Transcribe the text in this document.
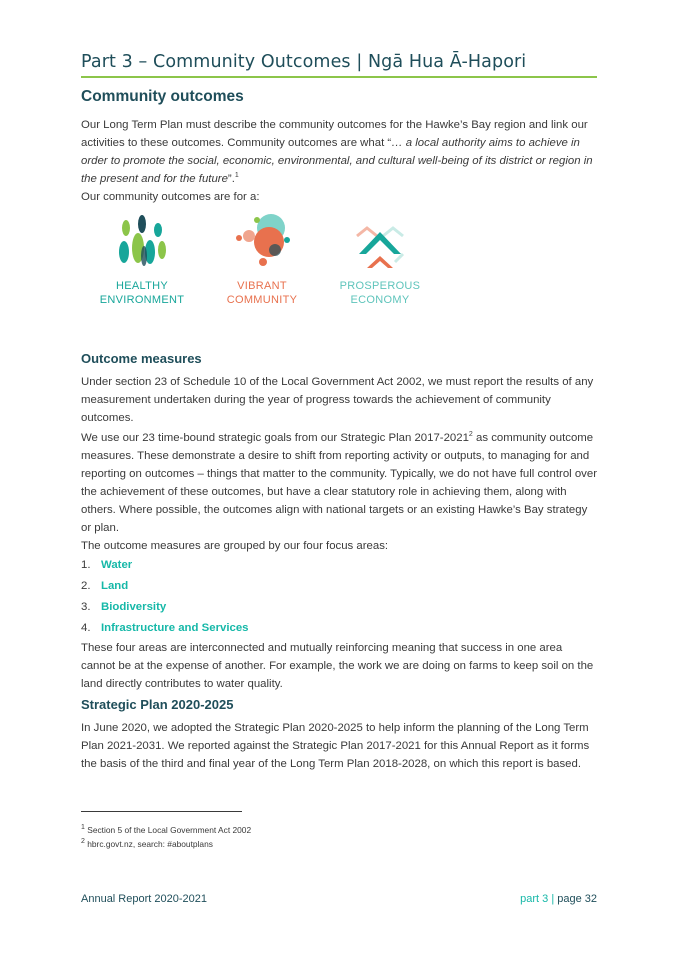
Part 3 – Community Outcomes | Ngā Hua Ā-Hapori
Community outcomes

Our Long Term Plan must describe the community outcomes for the Hawke’s Bay region and link our activities to these outcomes. Community outcomes are what “… a local authority aims to achieve in order to promote the social, economic, environmental, and cultural well-being of its district or region in the present and for the future”.$^1$

Our community outcomes are for a:

HEALTHY
ENVIRONMENT
VIBRANT
COMMUNITY
PROSPEROUS
ECONOMY
Outcome measures

Under section 23 of Schedule 10 of the Local Government Act 2002, we must report the results of any measurement undertaken during the year of progress towards the achievement of community outcomes.

We use our 23 time-bound strategic goals from our Strategic Plan 2017-2021$^2$ as community outcome measures. These demonstrate a desire to shift from reporting activity or outputs, to managing for and reporting on outcomes – things that matter to the community. Typically, we do not have full control over the achievement of these outcomes, but have a clear statutory role in achieving them, along with others. Where possible, the outcomes align with national targets or an existing Hawke’s Bay strategy or plan.

The outcome measures are grouped by our four focus areas:

1. Water
2. Land
3. Biodiversity
4. Infrastructure and Services

These four areas are interconnected and mutually reinforcing meaning that success in one area cannot be at the expense of another. For example, the work we are doing on farms to keep soil on the land directly contributes to water quality.

Strategic Plan 2020-2025

In June 2020, we adopted the Strategic Plan 2020-2025 to help inform the planning of the Long Term Plan 2021-2031. We reported against the Strategic Plan 2017-2021 for this Annual Report as it forms the basis of the third and final year of the Long Term Plan 2018-2028, on which this report is based.

$^1$ Section 5 of the Local Government Act 2002
$^2$ hbrc.govt.nz, search: #aboutplans
Annual Report 2020-2021	part 3 | page 32
